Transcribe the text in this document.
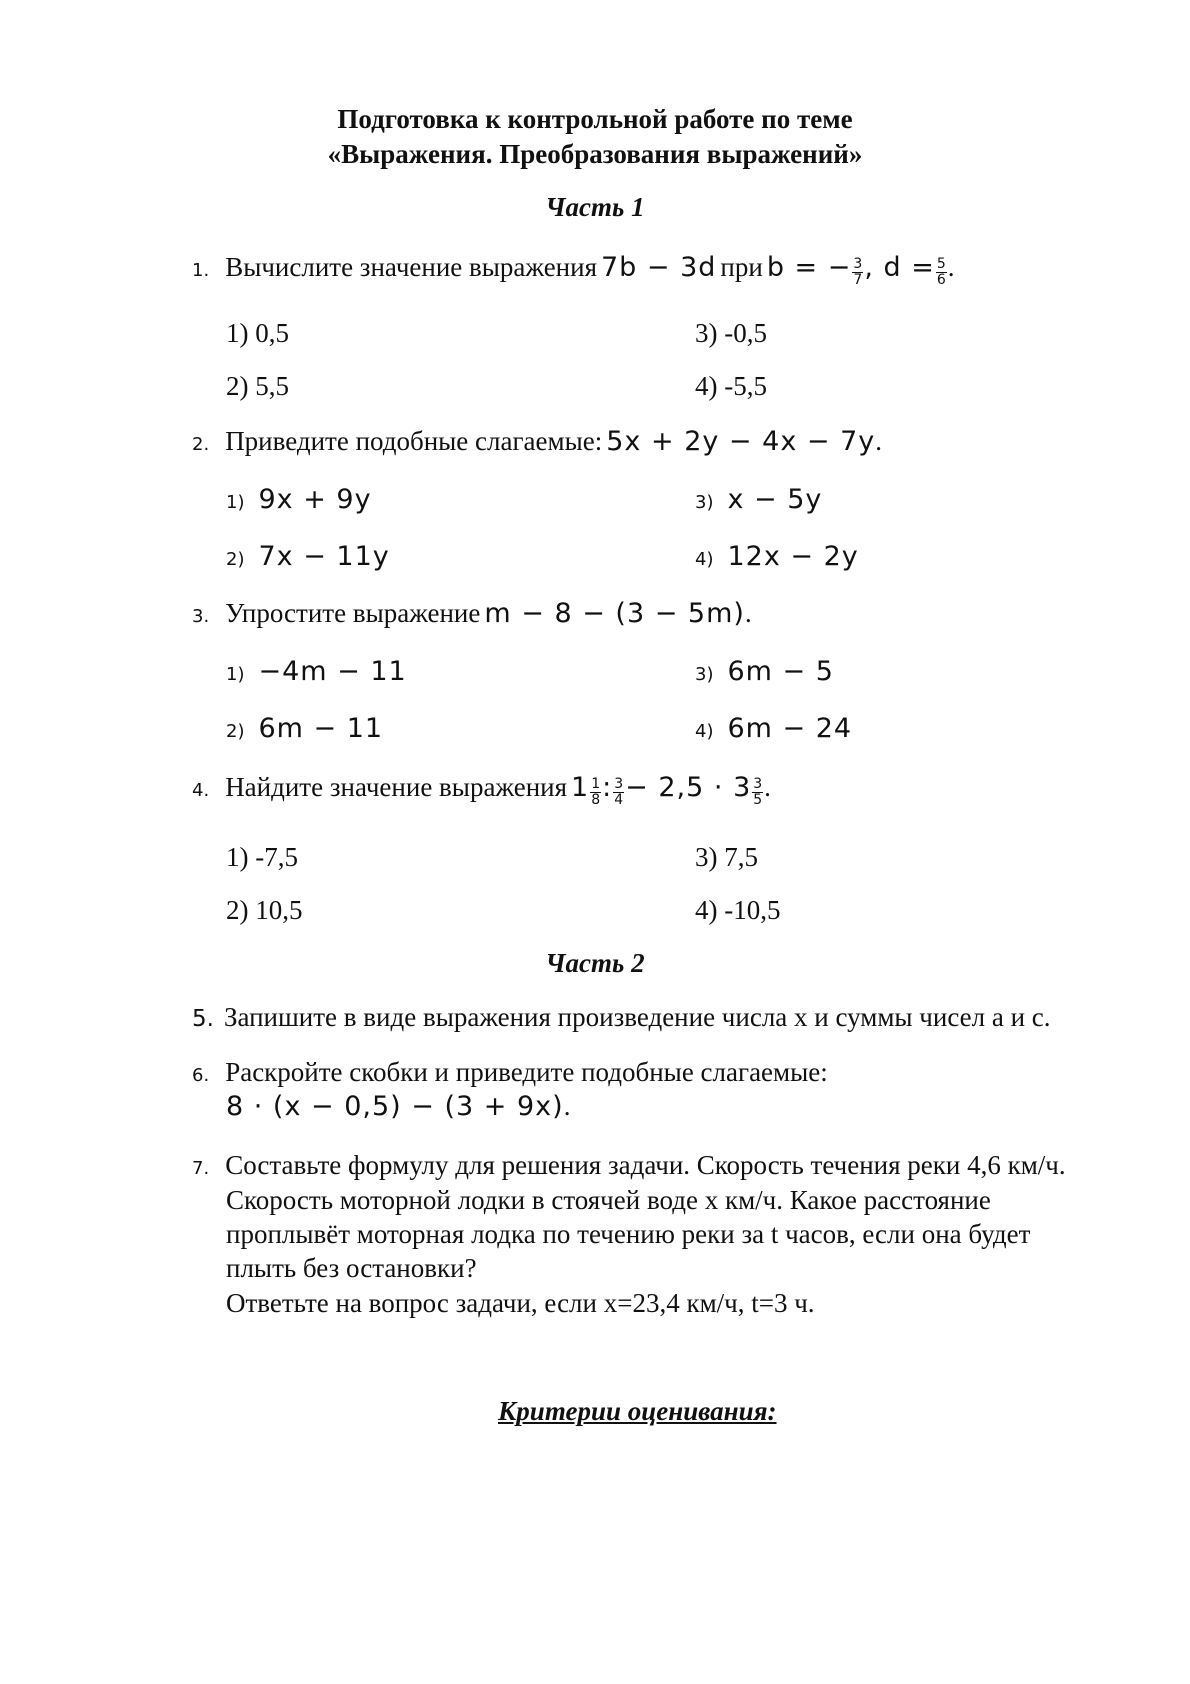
Подготовка к контрольной работе по теме
«Выражения. Преобразования выражений»
Часть 1
1. Вычислите значение выражения 7b − 3d при b = − $\frac{3}{7}$ , $d = \frac{5}{6}$ .
1) 0,5
2) 5,5
3) -0,5
4) -5,5
2. Приведите подобные слагаемые: 5x + 2y − 4x − 7y.
1) 9x + 9y
2) 7x − 11y
3) x − 5y
4) 12x − 2y
3. Упростите выражение m − 8 − (3 − 5m).
1) −4m − 11
2) 6m − 11
3) 6m − 5
4) 6m − 24
4. Найдите значение выражения $1 \frac{1}{8}$ : $\frac{3}{4} - 2,5 \cdot 3 \frac{3}{5}$ .
1) -7,5
2) 10,5
3) 7,5
4) -10,5
Часть 2
5. Запишите в виде выражения произведение числа x и суммы чисел a и c.
6. Раскройте скобки и приведите подобные слагаемые:
8 · (x − 0,5) − (3 + 9x).
7. Составьте формулу для решения задачи. Скорость течения реки 4,6 км/ч.
Скорость моторной лодки в стоячей воде x км/ч. Какое расстояние
проплывёт моторная лодка по течению реки за t часов, если она будет
плыть без остановки?
Ответьте на вопрос задачи, если x=23,4 км/ч, t=3 ч.
Критерии оценивания:
